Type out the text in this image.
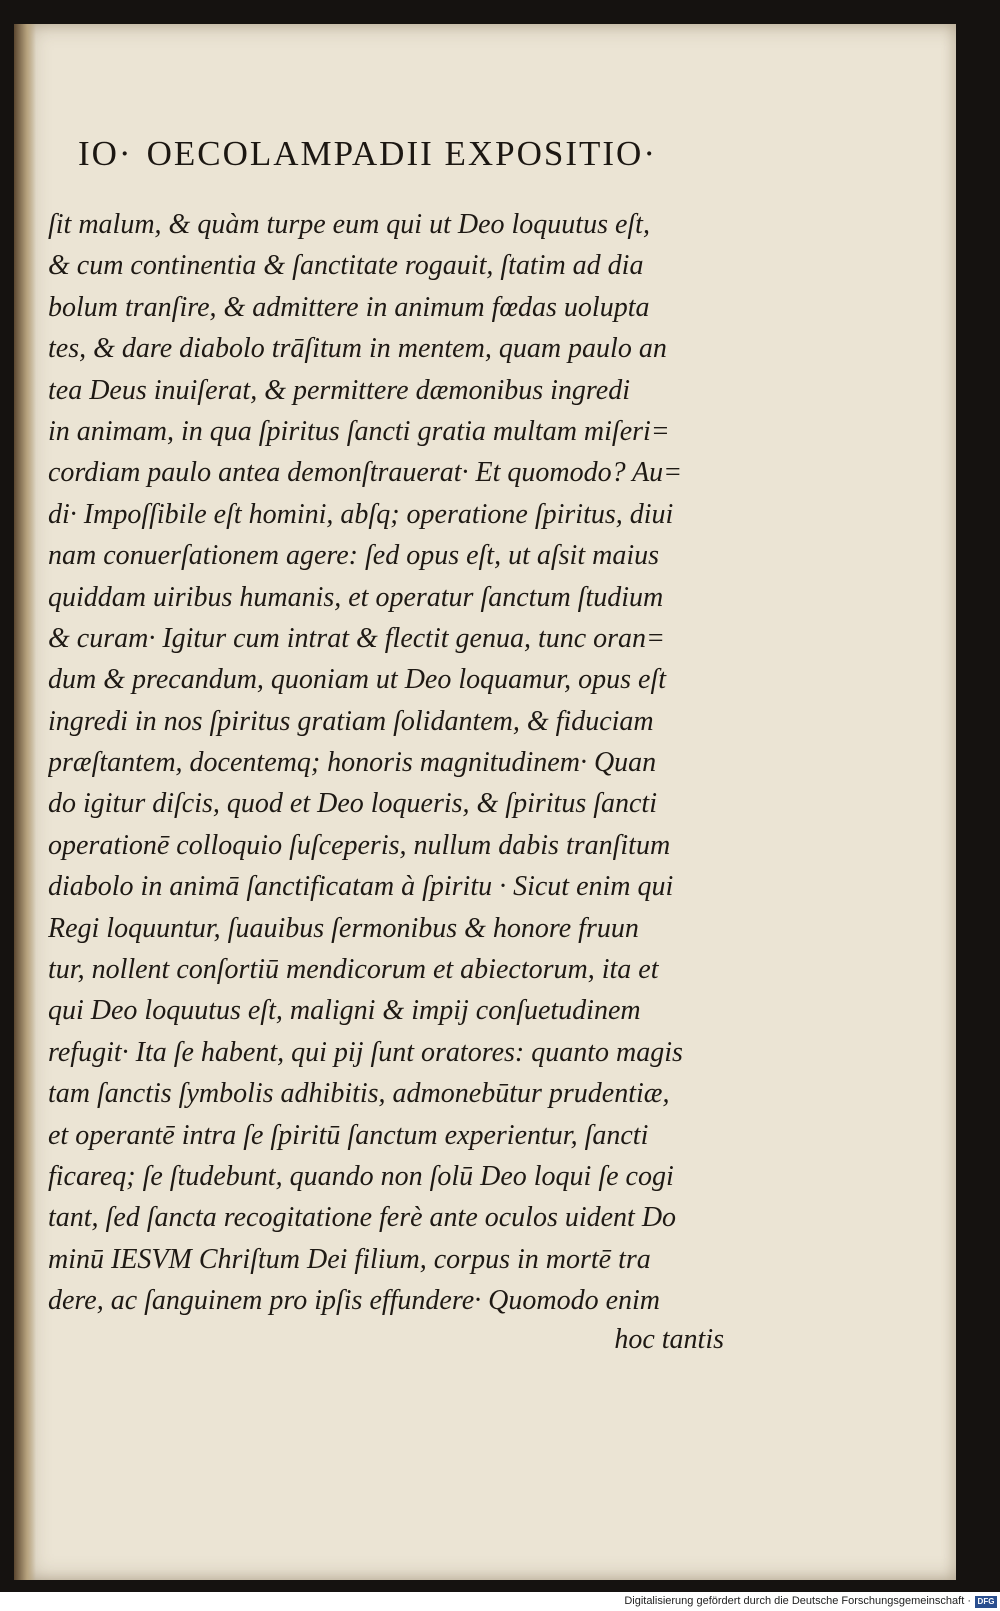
IO· OECOLAMPADII EXPOSITIO·
ſit malum, & quàm turpe eum qui ut Deo loquutus eſt,
& cum continentia & ſanctitate rogauit, ſtatim ad dia
bolum tranſire, & admittere in animum fœdas uolupta
tes, & dare diabolo trāſitum in mentem, quam paulo an
tea Deus inuiſerat, & permittere dæmonibus ingredi
in animam, in qua ſpiritus ſancti gratia multam miſeri=
cordiam paulo antea demonſtrauerat· Et quomodo? Au=
di· Impoſſibile eſt homini, abſq; operatione ſpiritus, diui
nam conuerſationem agere: ſed opus eſt, ut aſsit maius
quiddam uiribus humanis, et operatur ſanctum ſtudium
& curam· Igitur cum intrat & flectit genua, tunc oran=
dum & precandum, quoniam ut Deo loquamur, opus eſt
ingredi in nos ſpiritus gratiam ſolidantem, & fiduciam
præſtantem, docentemq; honoris magnitudinem· Quan
do igitur diſcis, quod et Deo loqueris, & ſpiritus ſancti
operationē colloquio ſuſceperis, nullum dabis tranſitum
diabolo in animā ſanctificatam à ſpiritu · Sicut enim qui
Regi loquuntur, ſuauibus ſermonibus & honore fruun
tur, nollent conſortiū mendicorum et abiectorum, ita et
qui Deo loquutus eſt, maligni & impij conſuetudinem
refugit· Ita ſe habent, qui pij ſunt oratores: quanto magis
tam ſanctis ſymbolis adhibitis, admonebūtur prudentiæ,
et operantē intra ſe ſpiritū ſanctum experientur, ſancti
ficareq; ſe ſtudebunt, quando non ſolū Deo loqui ſe cogi
tant, ſed ſancta recogitatione ferè ante oculos uident Do
minū IESVM Chriſtum Dei filium, corpus in mortē tra
dere, ac ſanguinem pro ipſis effundere· Quomodo enim
hoc tantis
Digitalisierung gefördert durch die Deutsche Forschungsgemeinschaft · DFG
